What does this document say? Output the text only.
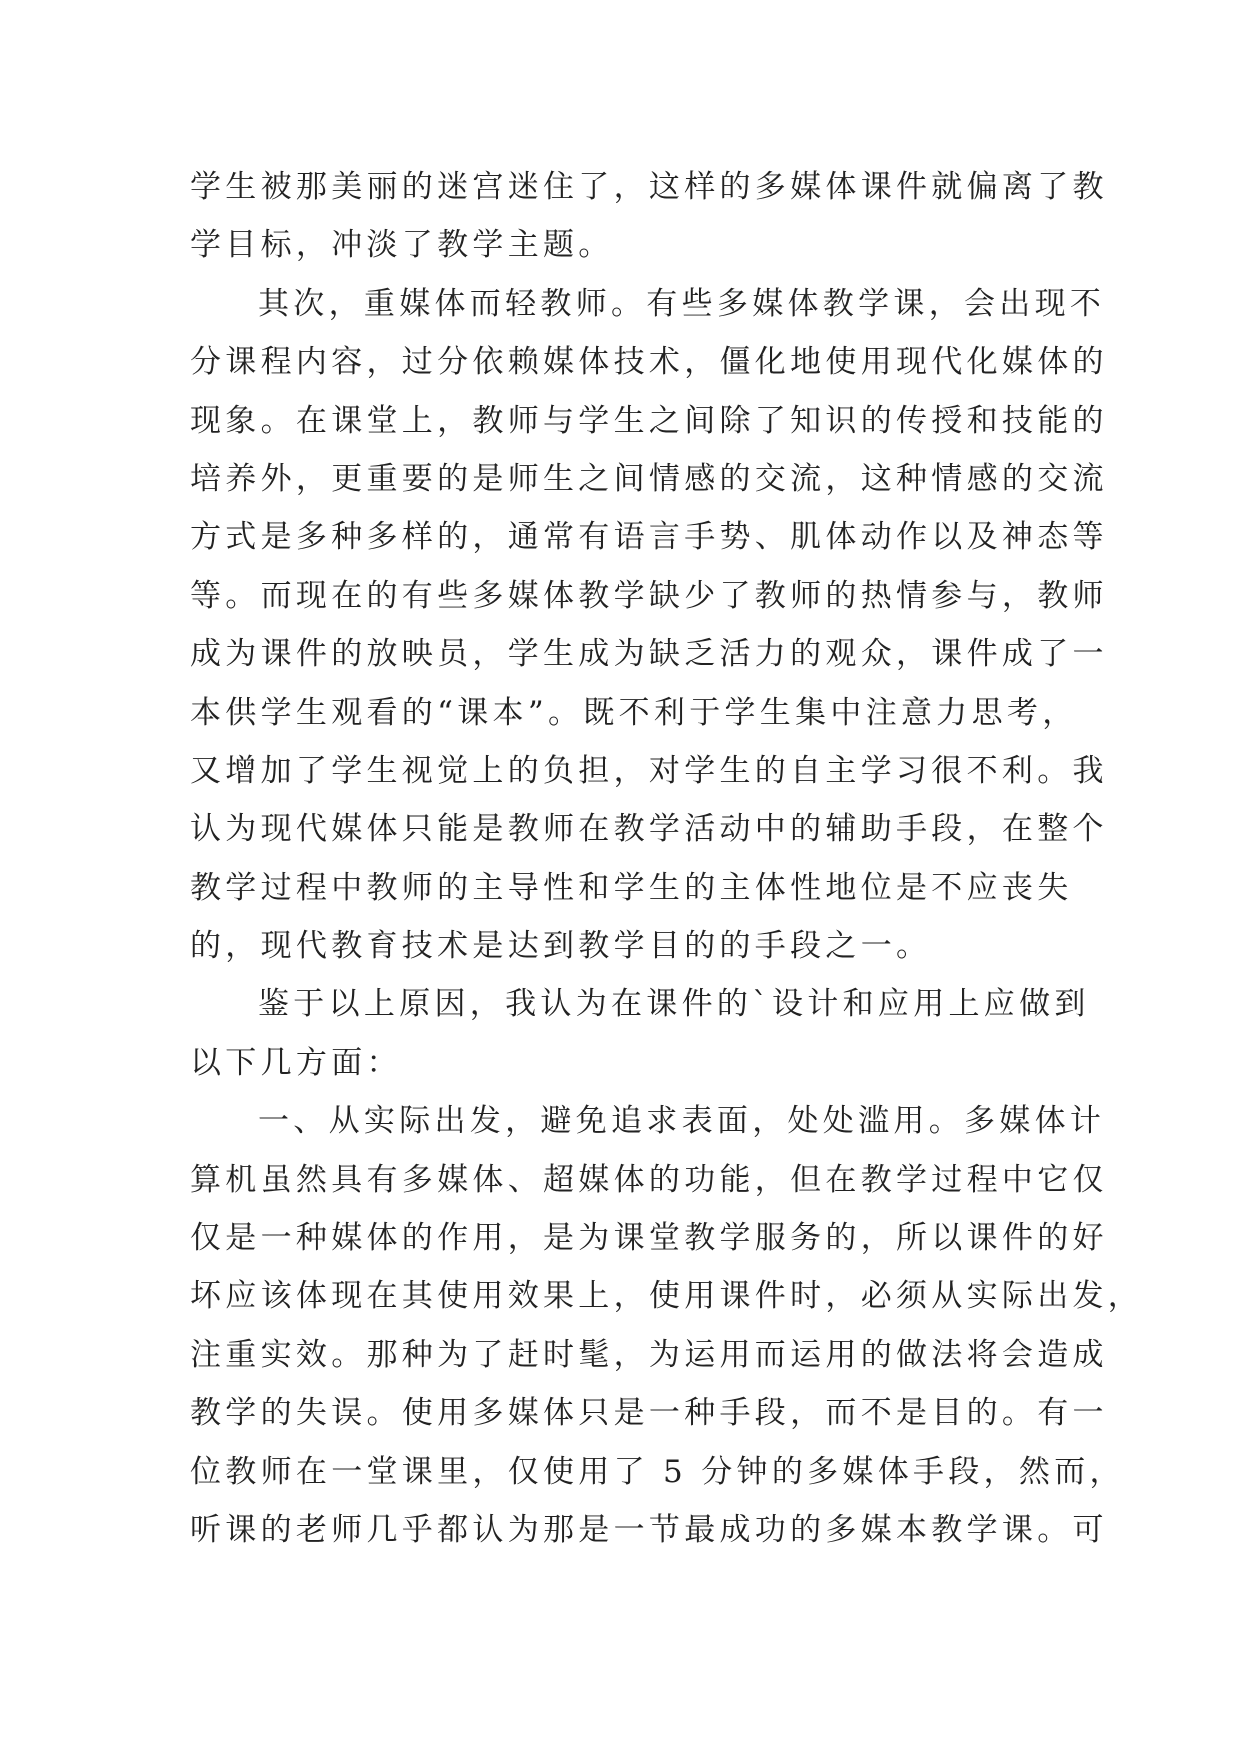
学生被那美丽的迷宫迷住了，这样的多媒体课件就偏离了教
学目标，冲淡了教学主题。
其次，重媒体而轻教师。有些多媒体教学课，会出现不
分课程内容，过分依赖媒体技术，僵化地使用现代化媒体的
现象。在课堂上，教师与学生之间除了知识的传授和技能的
培养外，更重要的是师生之间情感的交流，这种情感的交流
方式是多种多样的，通常有语言手势、肌体动作以及神态等
等。而现在的有些多媒体教学缺少了教师的热情参与，教师
成为课件的放映员，学生成为缺乏活力的观众，课件成了一
本供学生观看的“课本”。既不利于学生集中注意力思考，
又增加了学生视觉上的负担，对学生的自主学习很不利。我
认为现代媒体只能是教师在教学活动中的辅助手段，在整个
教学过程中教师的主导性和学生的主体性地位是不应丧失
的，现代教育技术是达到教学目的的手段之一。
鉴于以上原因，我认为在课件的`设计和应用上应做到
以下几方面：
一、从实际出发，避免追求表面，处处滥用。多媒体计
算机虽然具有多媒体、超媒体的功能，但在教学过程中它仅
仅是一种媒体的作用，是为课堂教学服务的，所以课件的好
坏应该体现在其使用效果上，使用课件时，必须从实际出发，
注重实效。那种为了赶时髦，为运用而运用的做法将会造成
教学的失误。使用多媒体只是一种手段，而不是目的。有一
位教师在一堂课里，仅使用了 5 分钟的多媒体手段，然而，
听课的老师几乎都认为那是一节最成功的多媒本教学课。可
